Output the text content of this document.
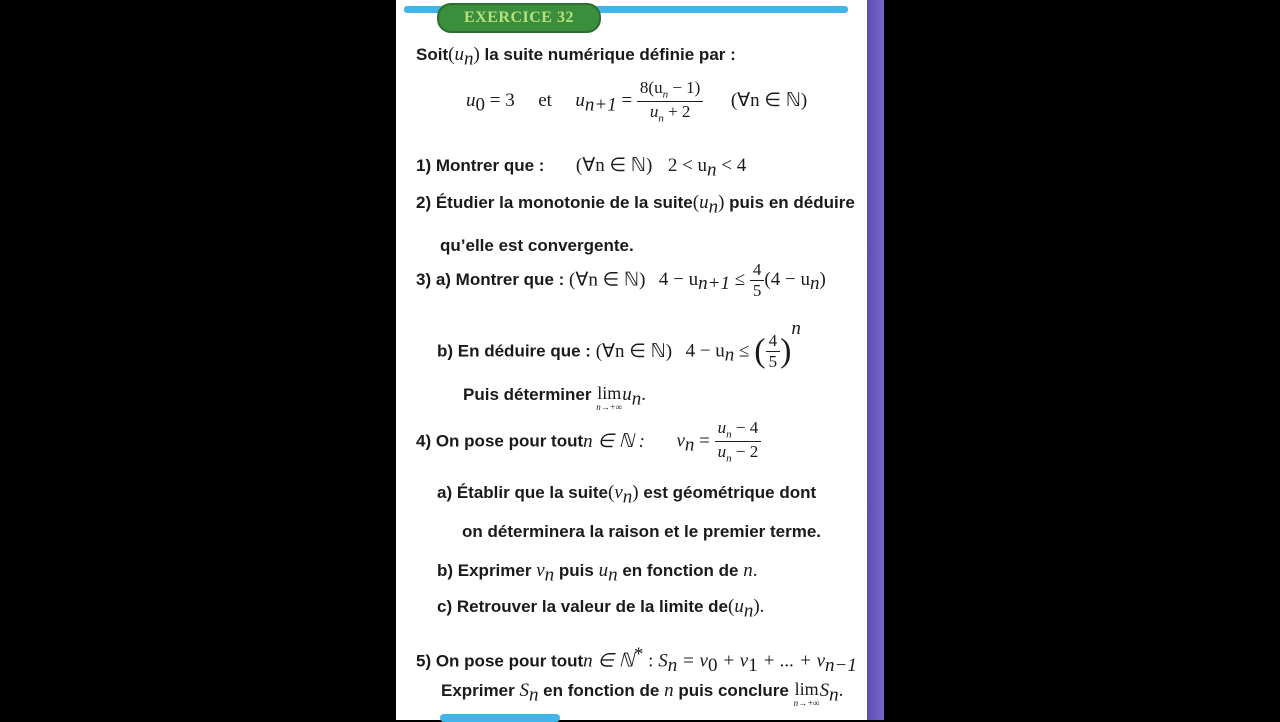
EXERCICE 32
$Soit(u_n)$ la suite numérique définie par :
$u_0 = 3$ et $u_{n+1} = \frac{8(u_n - 1)}{u_n + 2}$ (∀n ∈ ℕ)
1) Montrer que : (∀n ∈ ℕ) $2 < u_n < 4$
2) Étudier la monotonie de la $suite(u_n)$ puis en déduire
qu’elle est convergente.
3) a) Montrer que : (∀n ∈ ℕ) $4 - u_{n+1} \le \frac{4}{5} (4 - u_n)$
b) En déduire que : (∀n ∈ ℕ) $4 - u_n$ ≤ ( $\frac{4}{5} )^n$
Puis déterminer lim
n→+∞
$u_n$.
4) On pose pour toutn ∈ ℕ : $v_n = \frac{u_n - 4}{u_n - 2}$
a) Établir que la $suite(v_n)$ est géométrique dont
on déterminera la raison et le premier terme.
b) Exprimer $v_n$ puis $u_n$ en fonction de n.
c) Retrouver la valeur de la limite $de(u_n)$.
5) On pose pour toutn ∈ ℕ* : $S_n = v_0 + v_1$ + ... + $v_{n-1}$
Exprimer $S_n$ en fonction de n puis conclure lim
n→+∞
$S_n$.
